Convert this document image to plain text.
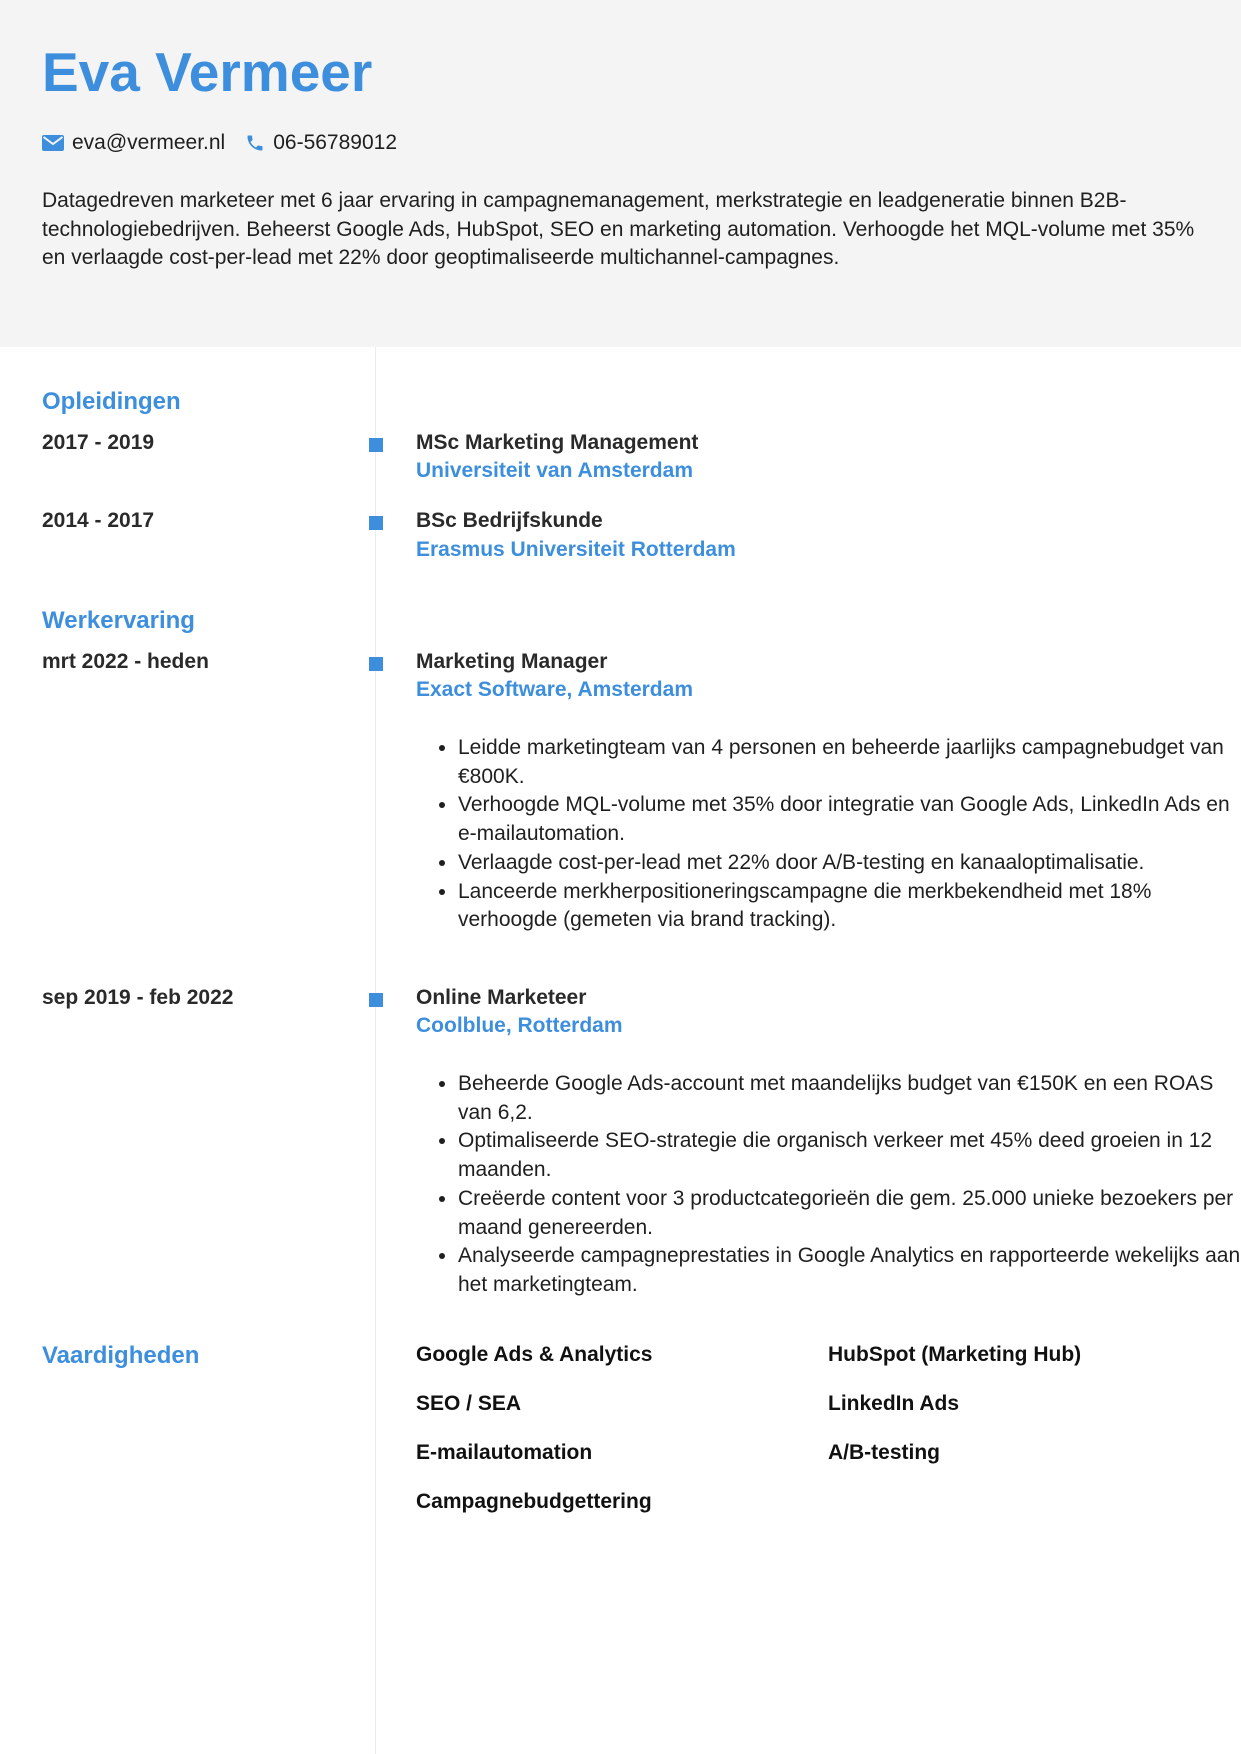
Eva Vermeer
eva@vermeer.nl 06-56789012

Datagedreven marketeer met 6 jaar ervaring in campagnemanagement, merkstrategie en leadgeneratie binnen B2B-technologiebedrijven. Beheerst Google Ads, HubSpot, SEO en marketing automation. Verhoogde het MQL-volume met 35% en verlaagde cost-per-lead met 22% door geoptimaliseerde multichannel-campagnes.

Opleidingen
2017 - 2019	MSc Marketing Management
Universiteit van Amsterdam
2014 - 2017	BSc Bedrijfskunde
Erasmus Universiteit Rotterdam
Werkervaring
mrt 2022 - heden	Marketing Manager
Exact Software, Amsterdam
• Leidde marketingteam van 4 personen en beheerde jaarlijks campagnebudget van €800K.
• Verhoogde MQL-volume met 35% door integratie van Google Ads, LinkedIn Ads en e-mailautomation.
• Verlaagde cost-per-lead met 22% door A/B-testing en kanaaloptimalisatie.
• Lanceerde merkherpositioneringscampagne die merkbekendheid met 18% verhoogde (gemeten via brand tracking).
sep 2019 - feb 2022	Online Marketeer
Coolblue, Rotterdam
• Beheerde Google Ads-account met maandelijks budget van €150K en een ROAS van 6,2.
• Optimaliseerde SEO-strategie die organisch verkeer met 45% deed groeien in 12 maanden.
• Creëerde content voor 3 productcategorieën die gem. 25.000 unieke bezoekers per maand genereerden.
• Analyseerde campagneprestaties in Google Analytics en rapporteerde wekelijks aan het marketingteam.
Vaardigheden	Google Ads & Analytics	HubSpot (Marketing Hub)
SEO / SEA	LinkedIn Ads
E-mailautomation	A/B-testing
Campagnebudgettering
